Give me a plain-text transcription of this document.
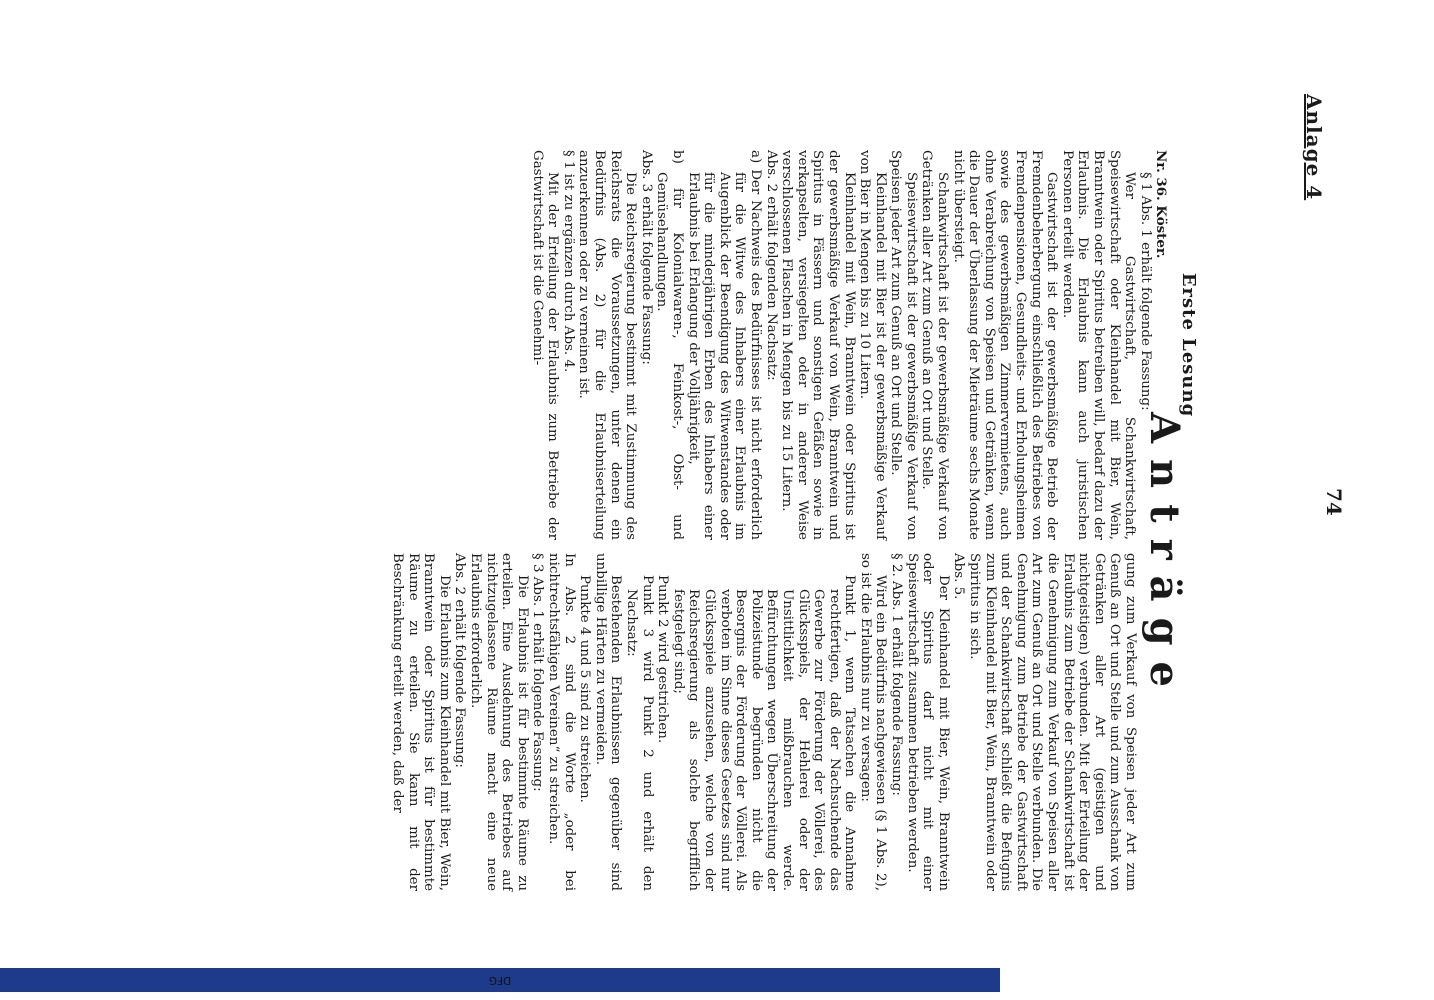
Anlage 4
74
Anträge
Erste Lesung

Nr. 36. Köster.

§ 1 Abs. 1 erhält folgende Fassung:

Wer Gastwirtschaft, Schankwirtschaft, Speisewirtschaft oder Kleinhandel mit Bier, Wein, Branntwein oder Spiritus betreiben will, bedarf dazu der Erlaubnis. Die Erlaubnis kann auch juristischen Personen erteilt werden.

Gastwirtschaft ist der gewerbsmäßige Betrieb der Fremdenbeherbergung einschließlich des Betriebes von Fremdenpensionen, Gesundheits- und Erholungsheimen sowie des gewerbsmäßigen Zimmervermietens, auch ohne Verabreichung von Speisen und Getränken, wenn die Dauer der Überlassung der Mieträume sechs Monate nicht übersteigt.

Schankwirtschaft ist der gewerbsmäßige Verkauf von Getränken aller Art zum Genuß an Ort und Stelle.

Speisewirtschaft ist der gewerbsmäßige Verkauf von Speisen jeder Art zum Genuß an Ort und Stelle.

Kleinhandel mit Bier ist der gewerbsmäßige Verkauf von Bier in Mengen bis zu 10 Litern.

Kleinhandel mit Wein, Branntwein oder Spiritus ist der gewerbsmäßige Verkauf von Wein, Branntwein und Spiritus in Fässern und sonstigen Gefäßen sowie in verkapselten, versiegelten oder in anderer Weise verschlossenen Flaschen in Mengen bis zu 15 Litern.

Abs. 2 erhält folgenden Nachsatz:

a) Der Nachweis des Bedürfnisses ist nicht erforderlich für die Witwe des Inhabers einer Erlaubnis im Augenblick der Beendigung des Witwenstandes oder für die minderjährigen Erben des Inhabers einer Erlaubnis bei Erlangung der Volljährigkeit,

b) für Kolonialwaren-, Feinkost-, Obst- und Gemüsehandlungen.

Abs. 3 erhält folgende Fassung:

Die Reichsregierung bestimmt mit Zustimmung des Reichsrats die Voraussetzungen, unter denen ein Bedürfnis (Abs. 2) für die Erlaubniserteilung anzuerkennen oder zu verneinen ist.

§ 1 ist zu ergänzen durch Abs. 4.

Mit der Erteilung der Erlaubnis zum Betriebe der Gastwirtschaft ist die Genehmi-

gung zum Verkauf von Speisen jeder Art zum Genuß an Ort und Stelle und zum Ausschank von Getränken aller Art (geistigen und nichtgeistigen) verbunden. Mit der Erteilung der Erlaubnis zum Betriebe der Schankwirtschaft ist die Genehmigung zum Verkauf von Speisen aller Art zum Genuß an Ort und Stelle verbunden. Die Genehmigung zum Betriebe der Gastwirtschaft und der Schankwirtschaft schließt die Befugnis zum Kleinhandel mit Bier, Wein, Branntwein oder Spiritus in sich.

Abs. 5.

Der Kleinhandel mit Bier, Wein, Branntwein oder Spiritus darf nicht mit einer Speisewirtschaft zusammen betrieben werden.

§ 2. Abs. 1 erhält folgende Fassung:

Wird ein Bedürfnis nachgewiesen (§ 1 Abs. 2), so ist die Erlaubnis nur zu versagen:

Punkt 1, wenn Tatsachen die Annahme rechtfertigen, daß der Nachsuchende das Gewerbe zur Förderung der Völlerei, des Glücksspiels, der Hehlerei oder der Unsittlichkeit mißbrauchen werde. Befürchtungen wegen Überschreitung der Polizeistunde begründen nicht die Besorgnis der Förderung der Völlerei. Als verboten im Sinne dieses Gesetzes sind nur Glücksspiele anzusehen, welche von der Reichsregierung als solche begrifflich festgelegt sind;

Punkt 2 wird gestrichen.

Punkt 3 wird Punkt 2 und erhält den Nachsatz:

Bestehenden Erlaubnissen gegenüber sind unbillige Härten zu vermeiden.

Punkte 4 und 5 sind zu streichen.

In Abs. 2 sind die Worte „oder bei nichtrechtsfähigen Vereinen“ zu streichen.

§ 3 Abs. 1 erhält folgende Fassung:

Die Erlaubnis ist für bestimmte Räume zu erteilen. Eine Ausdehnung des Betriebes auf nichtzugelassene Räume macht eine neue Erlaubnis erforderlich.

Abs. 2 erhält folgende Fassung:

Die Erlaubnis zum Kleinhandel mit Bier, Wein, Branntwein oder Spiritus ist für bestimmte Räume zu erteilen. Sie kann mit der Beschränkung erteilt werden, daß der

DFG
